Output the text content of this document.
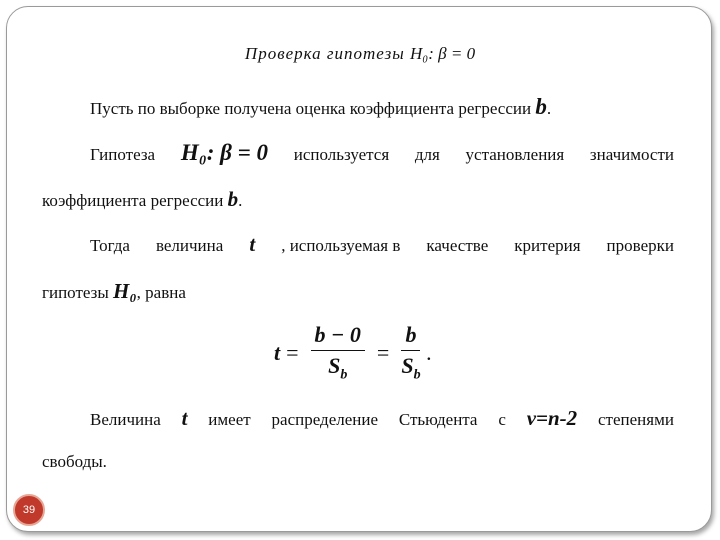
Проверка гипотезы H₀: β = 0
Пусть по выборке получена оценка коэффициента регрессии b.
Гипотеза H₀: β = 0 используется для установления значимости
коэффициента регрессии b.
Тогда величина t , используемая в качестве критерия проверки
гипотезы H₀, равна
$t = \frac{b - 0}{S_b} = \frac{b}{S_b}$ .
Величина t имеет распределение Стьюдента с ν=n-2 степенями
свободы.
39
